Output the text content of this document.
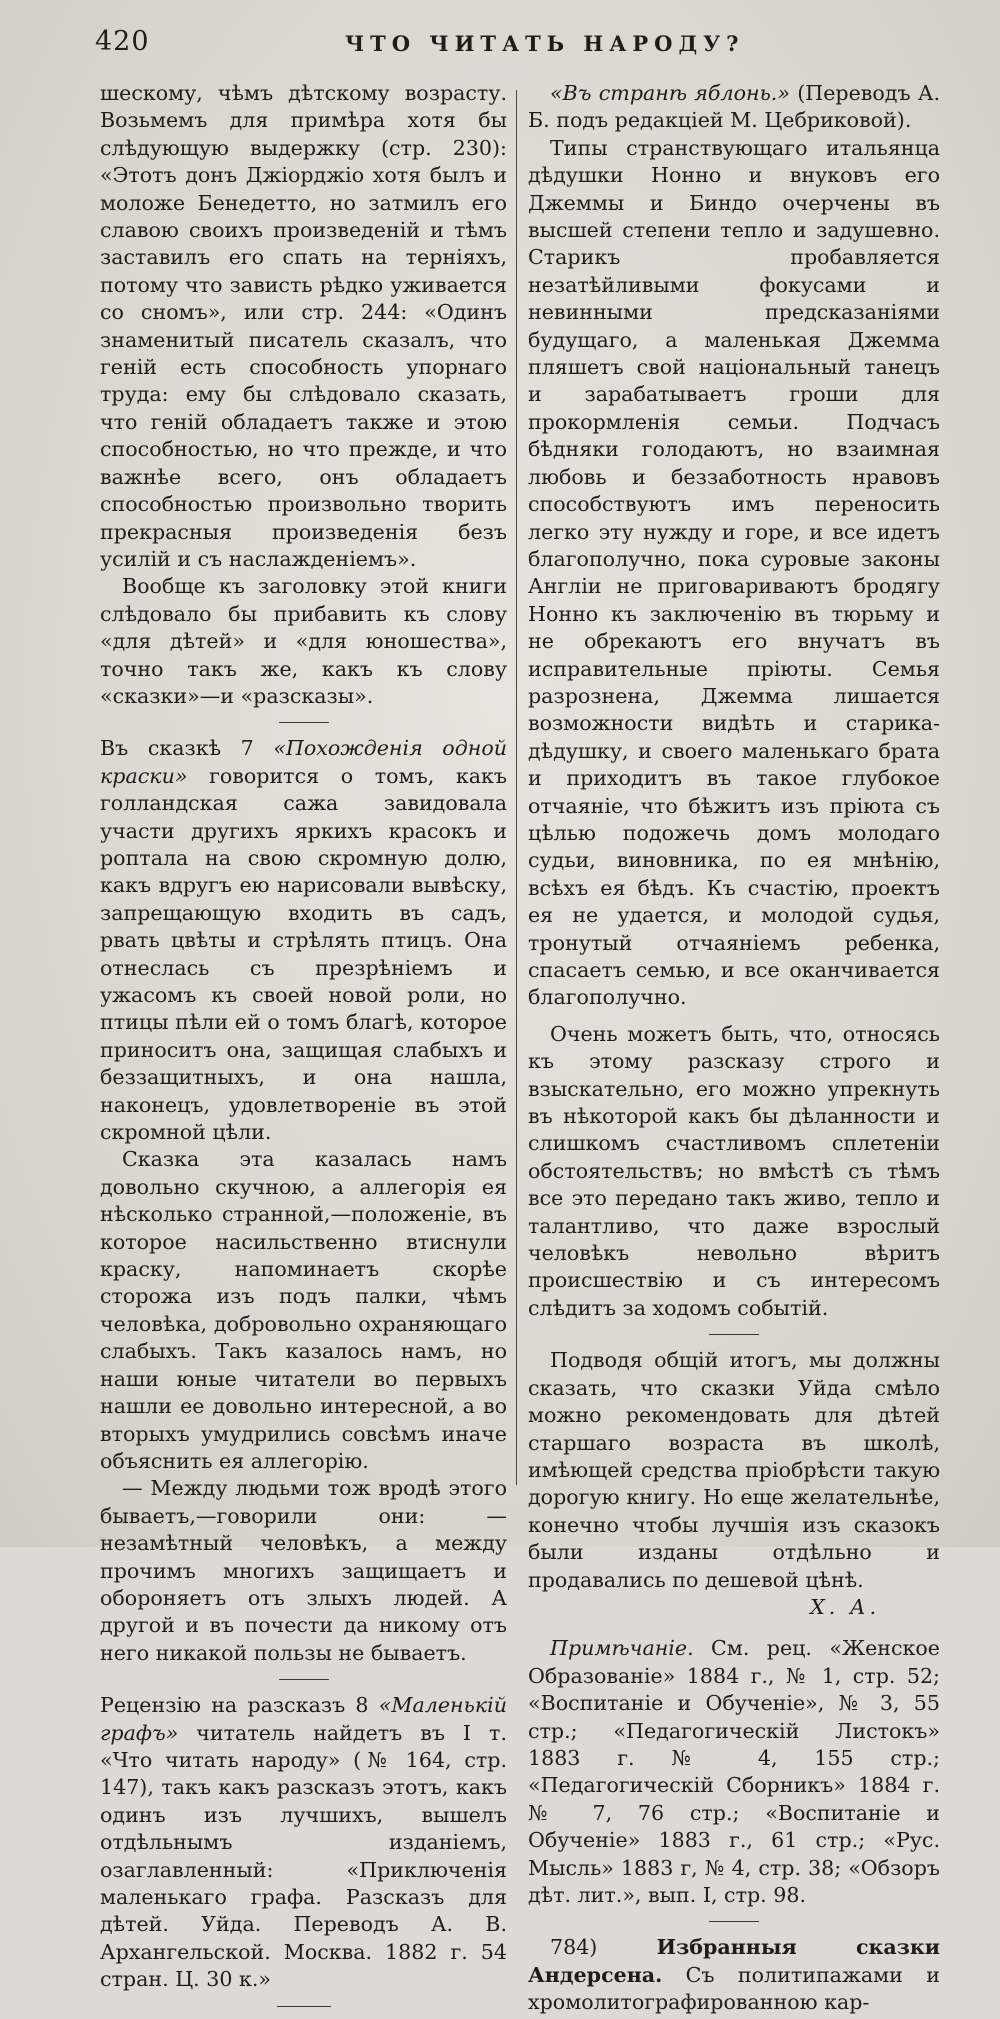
420	ЧТО ЧИТАТЬ НАРОДУ?

шескому, чѣмъ дѣтскому возрасту. Возьмемъ для примѣра хотя бы слѣдующую выдержку (стр. 230): «Этотъ донъ Джіорджіо хотя былъ и моложе Бенедетто, но затмилъ его славою своихъ произведеній и тѣмъ заставилъ его спать на терніяхъ, потому что зависть рѣдко уживается со сномъ», или стр. 244: «Одинъ знаменитый писатель сказалъ, что геній есть способность упорнаго труда: ему бы слѣдовало сказать, что геній обладаетъ также и этою способностью, но что прежде, и что важнѣе всего, онъ обладаетъ способностью произвольно творить прекрасныя произведенія безъ усилій и съ наслажденіемъ».

Вообще къ заголовку этой книги слѣдовало бы прибавить къ слову «для дѣтей» и «для юношества», точно такъ же, какъ къ слову «сказки»—и «разсказы».

Въ сказкѣ 7 «Похожденія одной краски» говорится о томъ, какъ голландская сажа завидовала участи другихъ яркихъ красокъ и роптала на свою скромную долю, какъ вдругъ ею нарисовали вывѣску, запрещающую входить въ садъ, рвать цвѣты и стрѣлять птицъ. Она отнеслась съ презрѣніемъ и ужасомъ къ своей новой роли, но птицы пѣли ей о томъ благѣ, которое приноситъ она, защищая слабыхъ и беззащитныхъ, и она нашла, наконецъ, удовлетвореніе въ этой скромной цѣли.

Сказка эта казалась намъ довольно скучною, а аллегорія ея нѣсколько странной,—положеніе, въ которое насильственно втиснули краску, напоминаетъ скорѣе сторожа изъ подъ палки, чѣмъ человѣка, добровольно охраняющаго слабыхъ. Такъ казалось намъ, но наши юные читатели во первыхъ нашли ее довольно интересной, а во вторыхъ умудрились совсѣмъ иначе объяснить ея аллегорію.

— Между людьми тож вродѣ этого бываетъ,—говорили они: — незамѣтный человѣкъ, а между прочимъ многихъ защищаетъ и обороняетъ отъ злыхъ людей. А другой и въ почести да никому отъ него никакой пользы не бываетъ.

Рецензію на разсказъ 8 «Маленькій графъ» читатель найдетъ въ I т. «Что читать народу» (№ 164, стр. 147), такъ какъ разсказъ этотъ, какъ одинъ изъ лучшихъ, вышелъ отдѣльнымъ изданіемъ, озаглавленный: «Приключенія маленькаго графа. Разсказъ для дѣтей. Уйда. Переводъ А. В. Архангельской. Москва. 1882 г. 54 стран. Ц. 30 к.»

«Въ странѣ яблонь.» (Переводъ А. Б. подъ редакціей М. Цебриковой).

Типы странствующаго итальянца дѣдушки Нонно и внуковъ его Джеммы и Биндо очерчены въ высшей степени тепло и задушевно. Старикъ пробавляется незатѣйливыми фокусами и невинными предсказаніями будущаго, а маленькая Джемма пляшетъ свой національный танецъ и зарабатываетъ гроши для прокормленія семьи. Подчасъ бѣдняки голодаютъ, но взаимная любовь и беззаботность нравовъ способствуютъ имъ переносить легко эту нужду и горе, и все идетъ благополучно, пока суровые законы Англіи не приговариваютъ бродягу Нонно къ заключенію въ тюрьму и не обрекаютъ его внучатъ въ исправительные пріюты. Семья разрознена, Джемма лишается возможности видѣть и старика-дѣдушку, и своего маленькаго брата и приходитъ въ такое глубокое отчаяніе, что бѣжитъ изъ пріюта съ цѣлью подожечь домъ молодаго судьи, виновника, по ея мнѣнію, всѣхъ ея бѣдъ. Къ счастію, проектъ ея не удается, и молодой судья, тронутый отчаяніемъ ребенка, спасаетъ семью, и все оканчивается благополучно.

Очень можетъ быть, что, относясь къ этому разсказу строго и взыскательно, его можно упрекнуть въ нѣкоторой какъ бы дѣланности и слишкомъ счастливомъ сплетеніи обстоятельствъ; но вмѣстѣ съ тѣмъ все это передано такъ живо, тепло и талантливо, что даже взрослый человѣкъ невольно вѣритъ происшествію и съ интересомъ слѣдитъ за ходомъ событій.

Подводя общій итогъ, мы должны сказать, что сказки Уйда смѣло можно рекомендовать для дѣтей старшаго возраста въ школѣ, имѣющей средства пріобрѣсти такую дорогую книгу. Но еще желательнѣе, конечно чтобы лучшія изъ сказокъ были изданы отдѣльно и продавались по дешевой цѣнѣ.

Х. А.

Примѣчаніе. См. рец. «Женское Образованіе» 1884 г., № 1, стр. 52; «Воспитаніе и Обученіе», № 3, 55 стр.; «Педагогическій Листокъ» 1883 г. № 4, 155 стр.; «Педагогическій Сборникъ» 1884 г. № 7, 76 стр.; «Воспитаніе и Обученіе» 1883 г., 61 стр.; «Рус. Мысль» 1883 г, № 4, стр. 38; «Обзоръ дѣт. лит.», вып. I, стр. 98.

784) Избранныя сказки Андерсена. Съ политипажами и хромолитографированною кар-
